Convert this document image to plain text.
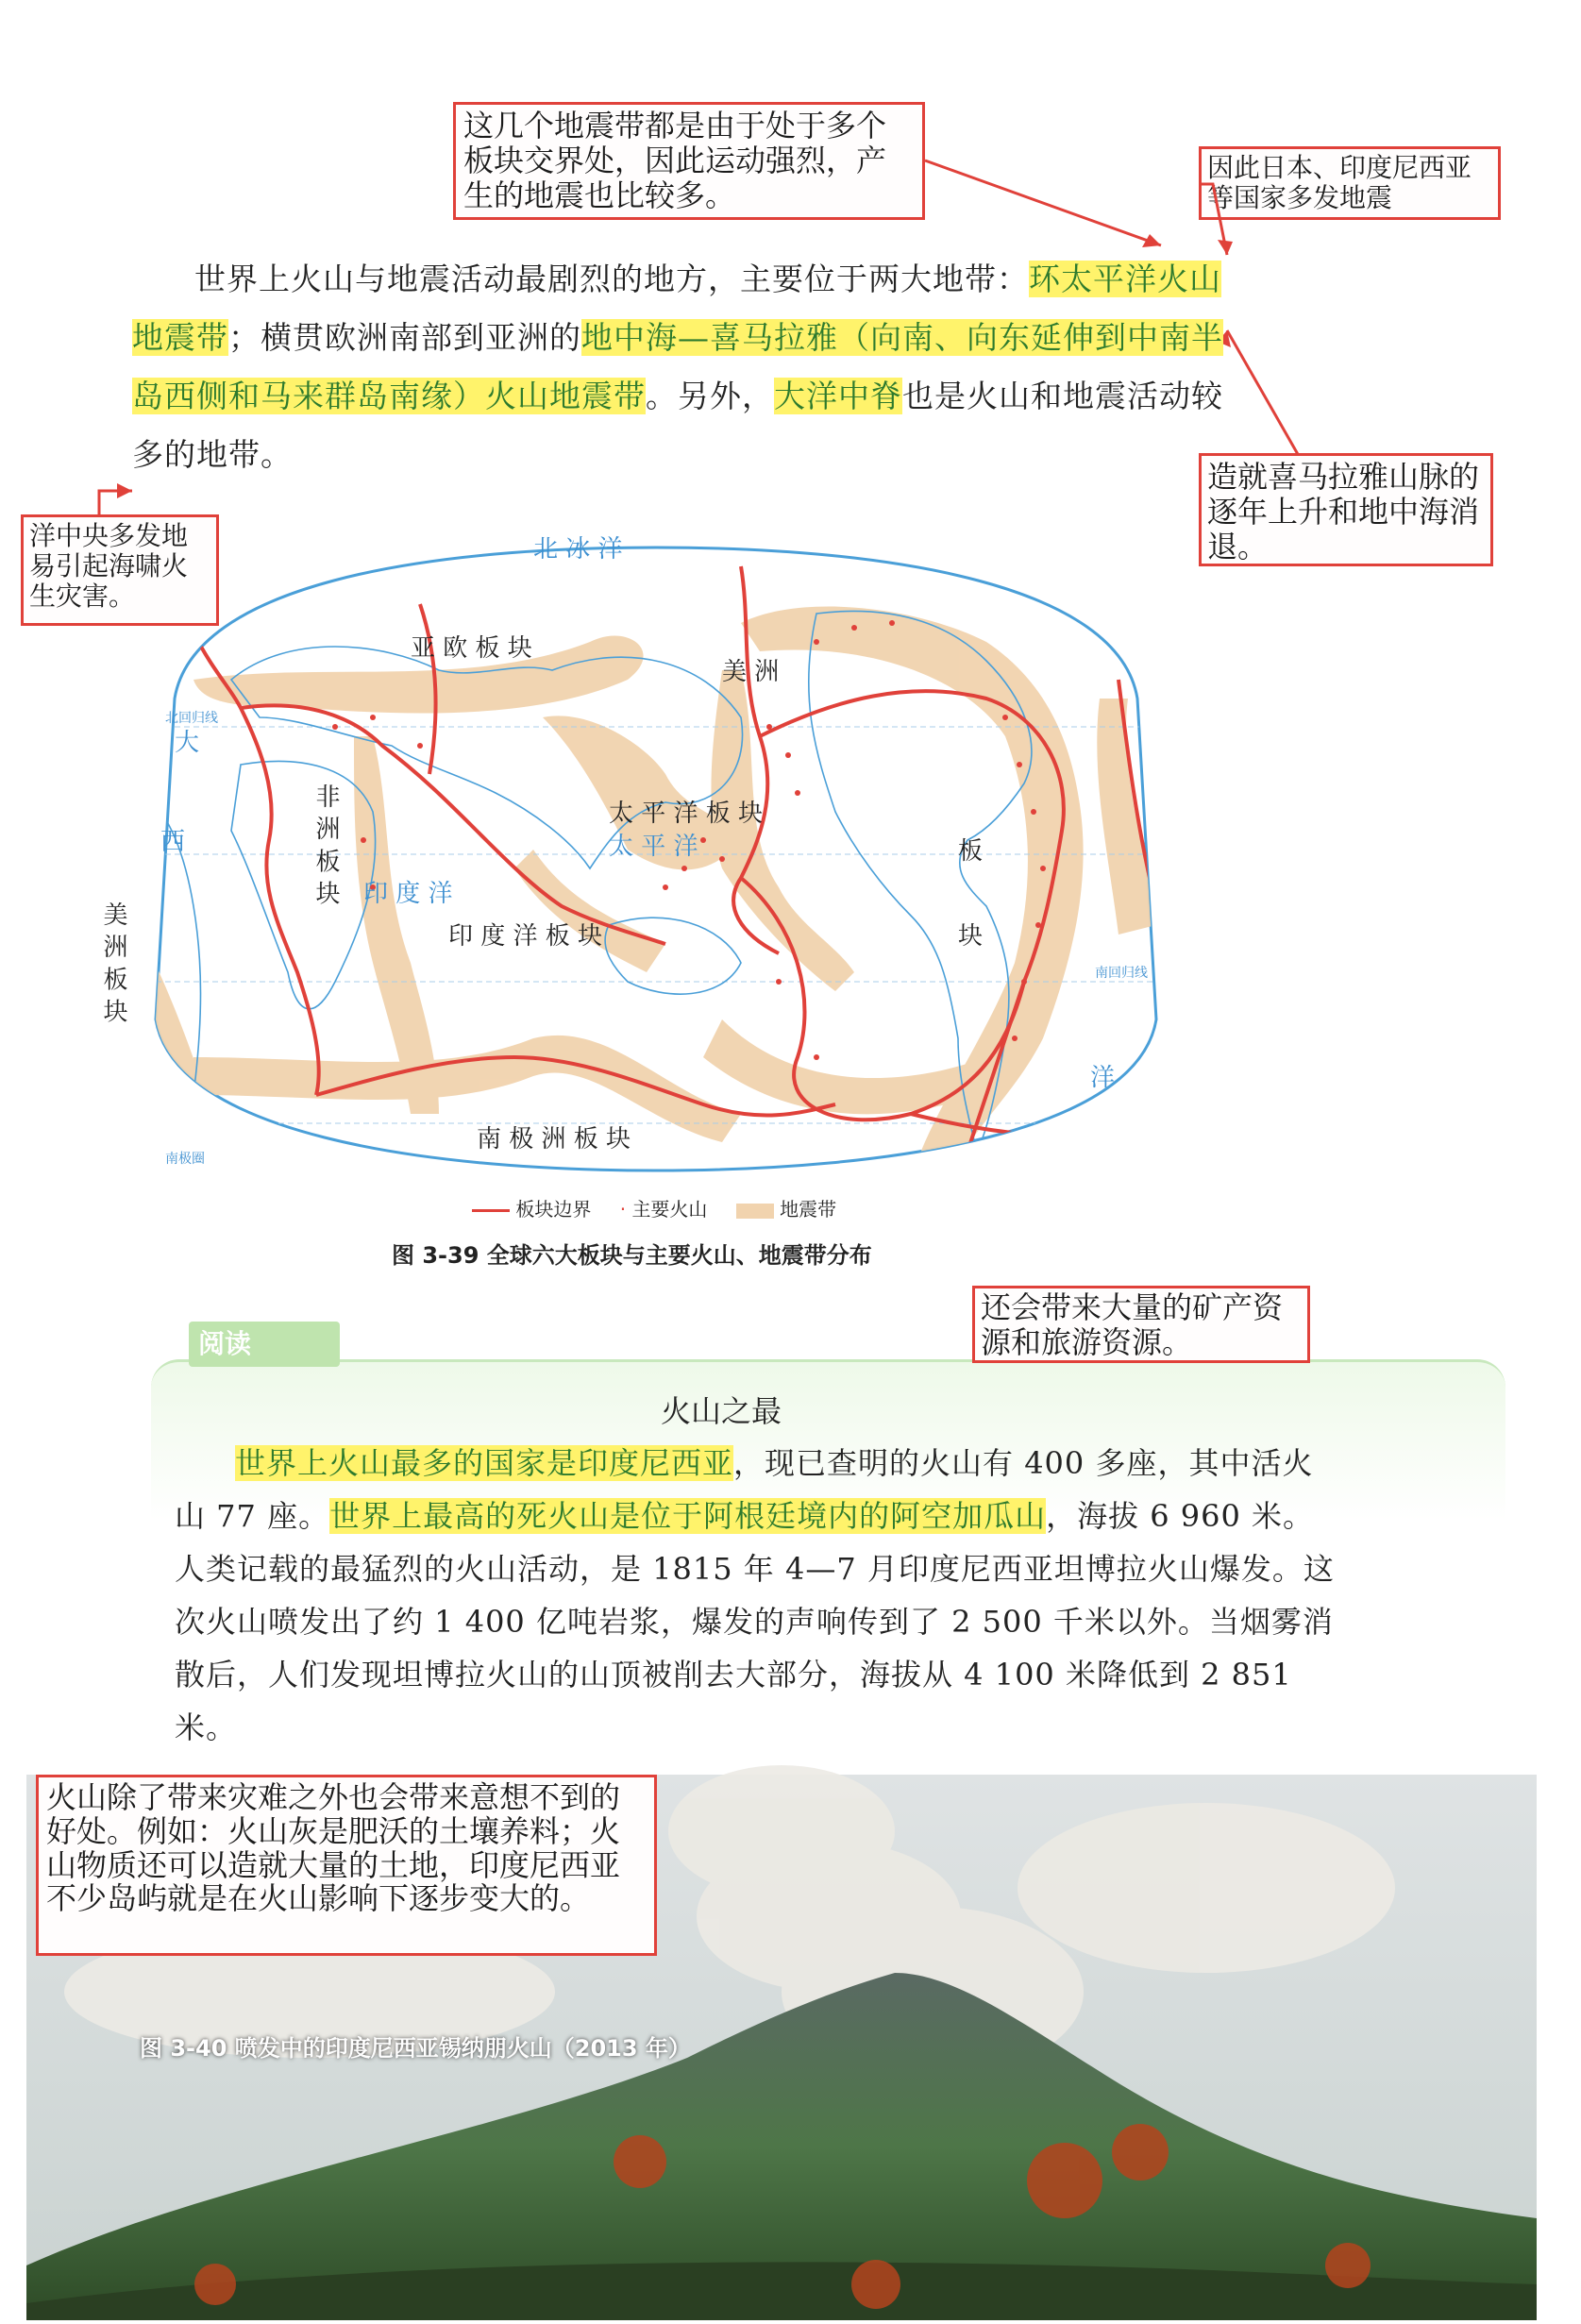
这几个地震带都是由于处于多个板块交界处，因此运动强烈，产生的地震也比较多。
因此日本、印度尼西亚等国家多发地震
世界上火山与地震活动最剧烈的地方，主要位于两大地带：环太平洋火山地震带；横贯欧洲南部到亚洲的地中海—喜马拉雅（向南、向东延伸到中南半岛西侧和马来群岛南缘）火山地震带。另外，大洋中脊也是火山和地震活动较多的地带。
造就喜马拉雅山脉的逐年上升和地中海消退。
洋中央多发地易引起海啸火生灾害。
亚 欧 板 块
太 平 洋 板 块
印 度 洋 板 块
南 极 洲 板 块
美 洲
板
块
非 洲 板 块
美 洲 板 块
北 冰 洋
太 平 洋
印 度 洋
西
大
洋
北回归线
南回归线
南极圈
板块边界 · 主要火山	地震带
图 3-39 全球六大板块与主要火山、地震带分布
阅读
还会带来大量的矿产资源和旅游资源。
火山之最
世界上火山最多的国家是印度尼西亚，现已查明的火山有 400 多座，其中活火山 77 座。世界上最高的死火山是位于阿根廷境内的阿空加瓜山，海拔 6 960 米。人类记载的最猛烈的火山活动，是 1815 年 4—7 月印度尼西亚坦博拉火山爆发。这次火山喷发出了约 1 400 亿吨岩浆，爆发的声响传到了 2 500 千米以外。当烟雾消散后，人们发现坦博拉火山的山顶被削去大部分，海拔从 4 100 米降低到 2 851 米。
火山除了带来灾难之外也会带来意想不到的好处。例如：火山灰是肥沃的土壤养料；火山物质还可以造就大量的土地，印度尼西亚不少岛屿就是在火山影响下逐步变大的。
图 3-40 喷发中的印度尼西亚锡纳朋火山（2013 年）
